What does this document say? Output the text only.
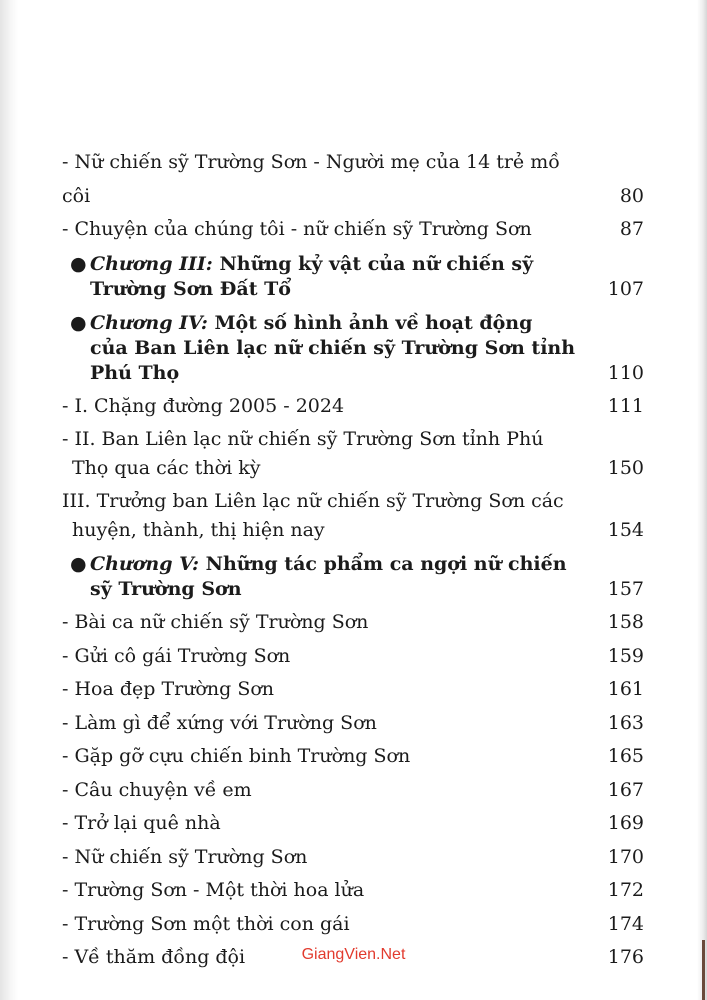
- Nữ chiến sỹ Trường Sơn - Người mẹ của 14 trẻ mồ côi	80
- Chuyện của chúng tôi - nữ chiến sỹ Trường Sơn	87
● Chương III: Những kỷ vật của nữ chiến sỹ Trường Sơn Đất Tổ	107
● Chương IV: Một số hình ảnh về hoạt động của Ban Liên lạc nữ chiến sỹ Trường Sơn tỉnh Phú Thọ	110
- I. Chặng đường 2005 - 2024	111
- II. Ban Liên lạc nữ chiến sỹ Trường Sơn tỉnh Phú Thọ qua các thời kỳ	150
III. Trưởng ban Liên lạc nữ chiến sỹ Trường Sơn các huyện, thành, thị hiện nay	154
● Chương V: Những tác phẩm ca ngợi nữ chiến sỹ Trường Sơn	157
- Bài ca nữ chiến sỹ Trường Sơn	158
- Gửi cô gái Trường Sơn	159
- Hoa đẹp Trường Sơn	161
- Làm gì để xứng với Trường Sơn	163
- Gặp gỡ cựu chiến binh Trường Sơn	165
- Câu chuyện về em	167
- Trở lại quê nhà	169
- Nữ chiến sỹ Trường Sơn	170
- Trường Sơn - Một thời hoa lửa	172
- Trường Sơn một thời con gái	174
- Về thăm đồng đội	176
GiangVien.Net
